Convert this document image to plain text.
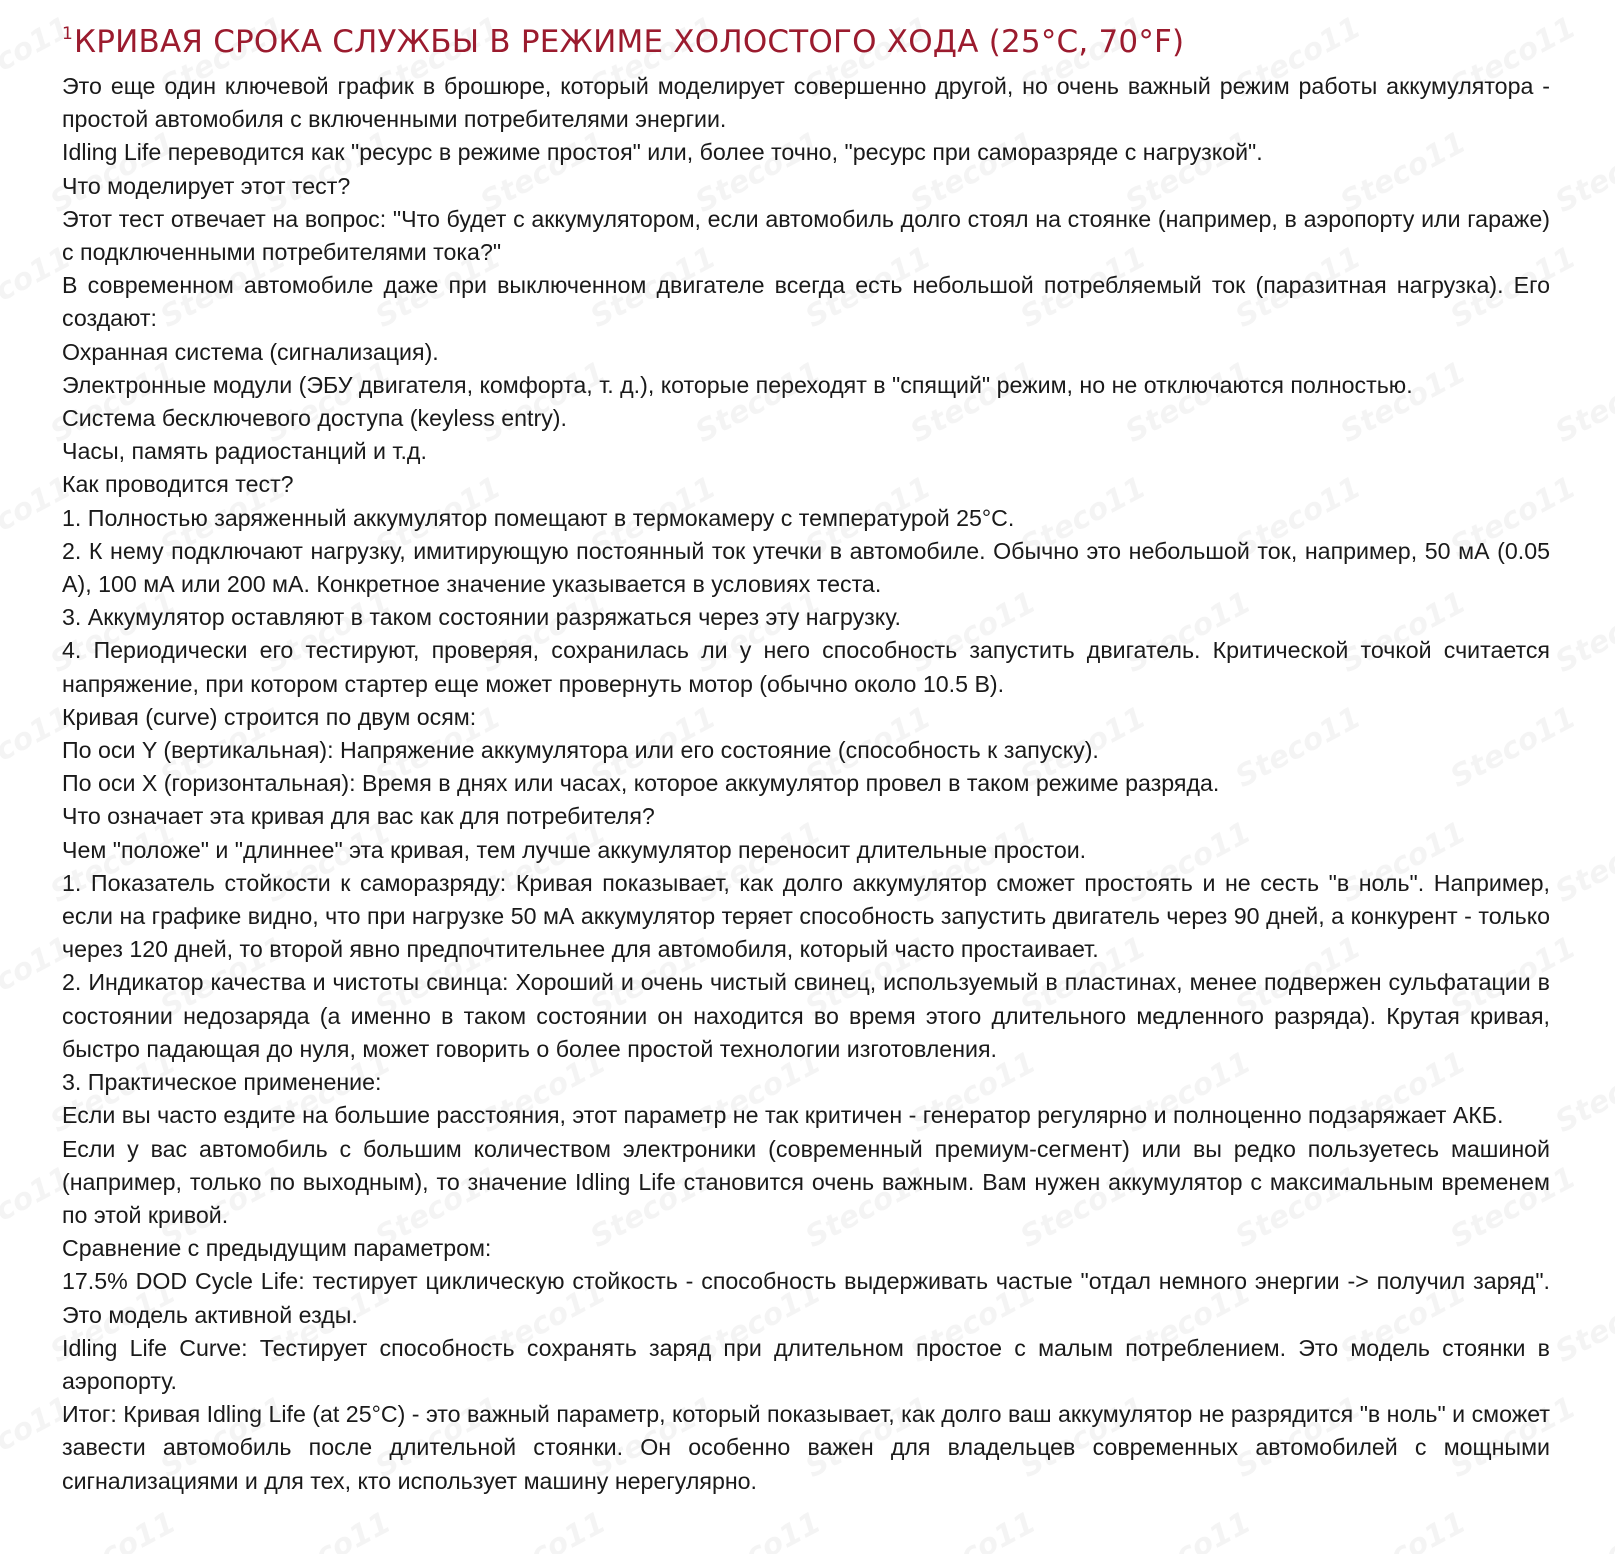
$^1$КРИВАЯ СРОКА СЛУЖБЫ В РЕЖИМЕ ХОЛОСТОГО ХОДА (25°C, 70°F)

Это еще один ключевой график в брошюре, который моделирует совершенно другой, но очень важный режим работы аккумулятора - простой автомобиля с включенными потребителями энергии.

Idling Life переводится как "ресурс в режиме простоя" или, более точно, "ресурс при саморазряде с нагрузкой".

Что моделирует этот тест?

Этот тест отвечает на вопрос: "Что будет с аккумулятором, если автомобиль долго стоял на стоянке (например, в аэропорту или гараже) с подключенными потребителями тока?"

В современном автомобиле даже при выключенном двигателе всегда есть небольшой потребляемый ток (паразитная нагрузка). Его создают:

Охранная система (сигнализация).

Электронные модули (ЭБУ двигателя, комфорта, т. д.), которые переходят в "спящий" режим, но не отключаются полностью.

Система бесключевого доступа (keyless entry).

Часы, память радиостанций и т.д.

Как проводится тест?

1. Полностью заряженный аккумулятор помещают в термокамеру с температурой 25°C.

2. К нему подключают нагрузку, имитирующую постоянный ток утечки в автомобиле. Обычно это небольшой ток, например, 50 мА (0.05 А), 100 мА или 200 мА. Конкретное значение указывается в условиях теста.

3. Аккумулятор оставляют в таком состоянии разряжаться через эту нагрузку.

4. Периодически его тестируют, проверяя, сохранилась ли у него способность запустить двигатель. Критической точкой считается напряжение, при котором стартер еще может провернуть мотор (обычно около 10.5 В).

Кривая (curve) строится по двум осям:

По оси Y (вертикальная): Напряжение аккумулятора или его состояние (способность к запуску).

По оси X (горизонтальная): Время в днях или часах, которое аккумулятор провел в таком режиме разряда.

Что означает эта кривая для вас как для потребителя?

Чем "положе" и "длиннее" эта кривая, тем лучше аккумулятор переносит длительные простои.

1. Показатель стойкости к саморазряду: Кривая показывает, как долго аккумулятор сможет простоять и не сесть "в ноль". Например, если на графике видно, что при нагрузке 50 мА аккумулятор теряет способность запустить двигатель через 90 дней, а конкурент - только через 120 дней, то второй явно предпочтительнее для автомобиля, который часто простаивает.

2. Индикатор качества и чистоты свинца: Хороший и очень чистый свинец, используемый в пластинах, менее подвержен сульфатации в состоянии недозаряда (а именно в таком состоянии он находится во время этого длительного медленного разряда). Крутая кривая, быстро падающая до нуля, может говорить о более простой технологии изготовления.

3. Практическое применение:

Если вы часто ездите на большие расстояния, этот параметр не так критичен - генератор регулярно и полноценно подзаряжает АКБ.

Если у вас автомобиль с большим количеством электроники (современный премиум-сегмент) или вы редко пользуетесь машиной (например, только по выходным), то значение Idling Life становится очень важным. Вам нужен аккумулятор с максимальным временем по этой кривой.

Сравнение с предыдущим параметром:

17.5% DOD Cycle Life: тестирует циклическую стойкость - способность выдерживать частые "отдал немного энергии -> получил заряд". Это модель активной езды.

Idling Life Curve: Тестирует способность сохранять заряд при длительном простое с малым потреблением. Это модель стоянки в аэропорту.

Итог: Кривая Idling Life (at 25°C) - это важный параметр, который показывает, как долго ваш аккумулятор не разрядится "в ноль" и сможет завести автомобиль после длительной стоянки. Он особенно важен для владельцев современных автомобилей с мощными сигнализациями и для тех, кто использует машину нерегулярно.
